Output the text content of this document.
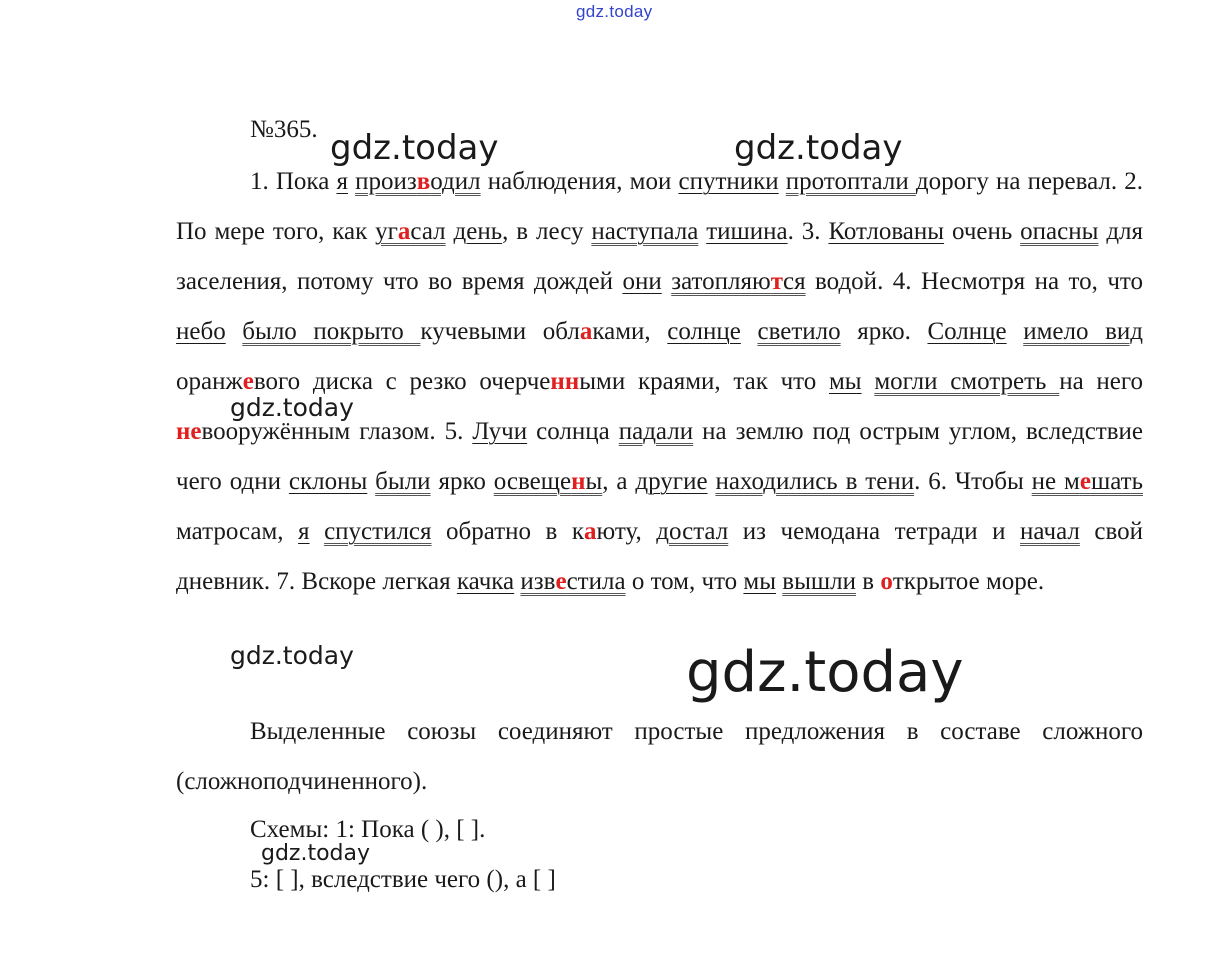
gdz.today
gdz.today	gdz.today
gdz.today
gdz.today	gdz.today
gdz.today
№365.
1. Пока я производил наблюдения, мои спутники протоптали дорогу на перевал. 2. По мере того, как угасал день, в лесу наступала тишина. 3. Котлованы очень опасны для заселения, потому что во время дождей они затопляются водой. 4. Несмотря на то, что небо было покрыто кучевыми облаками, солнце светило ярко. Солнце имело вид оранжевого диска с резко очерченными краями, так что мы могли смотреть на него невооружённым глазом. 5. Лучи солнца падали на землю под острым углом, вследствие чего одни склоны были ярко освещены, а другие находились в тени. 6. Чтобы не мешать матросам, я спустился обратно в каюту, достал из чемодана тетради и начал свой дневник. 7. Вскоре легкая качка известила о том, что мы вышли в открытое море.
Выделенные союзы соединяют простые предложения в составе сложного (сложноподчиненного).
Схемы: 1: Пока ( ), [ ].
5: [ ], вследствие чего (), а [ ]
